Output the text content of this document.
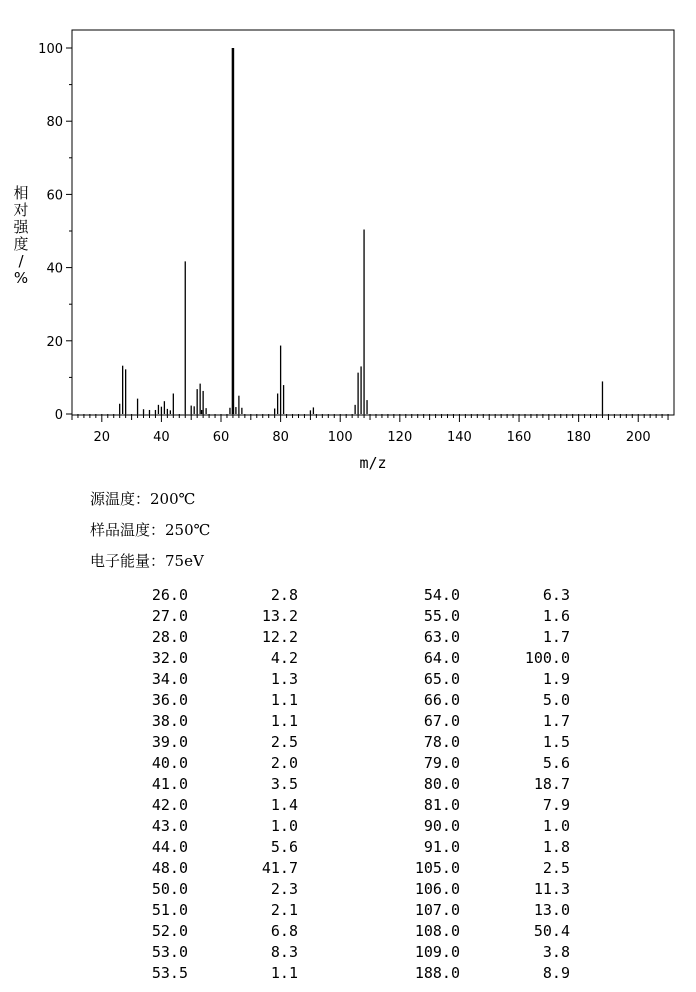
0
20
40
60
80
100
20	40	60	80	100	120	140	160	180	200
m/z
相对强度/ %
源温度：200℃
样品温度：250℃
电子能量：75eV
26.0	2.8	54.0	6.3	
27.0	13.2	55.0	1.6	
28.0	12.2	63.0	1.7	
32.0	4.2	64.0	100.0	
34.0	1.3	65.0	1.9	
36.0	1.1	66.0	5.0	
38.0	1.1	67.0	1.7	
39.0	2.5	78.0	1.5	
40.0	2.0	79.0	5.6	
41.0	3.5	80.0	18.7	
42.0	1.4	81.0	7.9	
43.0	1.0	90.0	1.0	
44.0	5.6	91.0	1.8	
48.0	41.7	105.0	2.5	
50.0	2.3	106.0	11.3	
51.0	2.1	107.0	13.0	
52.0	6.8	108.0	50.4	
53.0	8.3	109.0	3.8	
53.5	1.1	188.0	8.9	
